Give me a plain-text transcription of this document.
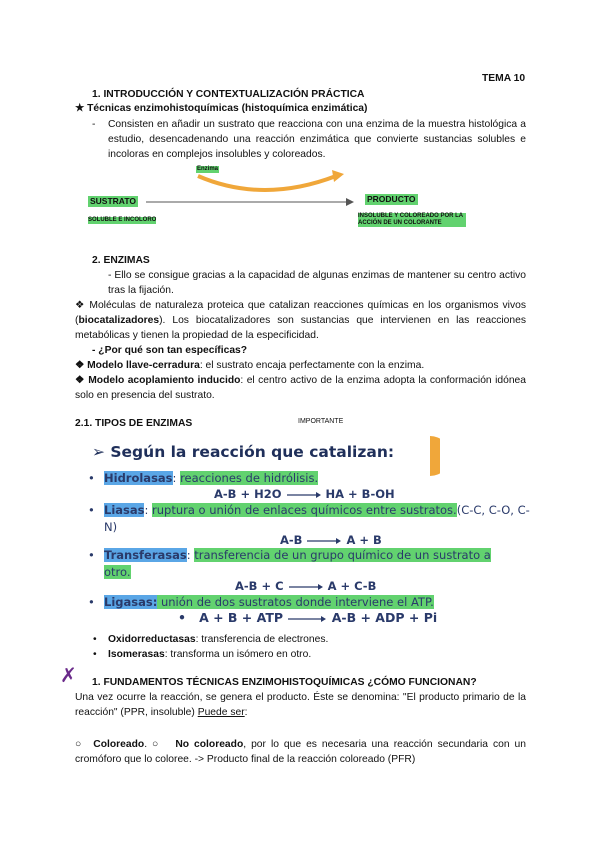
TEMA 10
1. INTRODUCCIÓN Y CONTEXTUALIZACIÓN PRÁCTICA
★ Técnicas enzimohistoquímicas (histoquímica enzimática)
- Consisten en añadir un sustrato que reacciona con una enzima de la muestra histológica a estudio, desencadenando una reacción enzimática que convierte sustancias solubles e incoloras en complejos insolubles y coloreados.
Enzima
SUSTRATO
SOLUBLE E INCOLORO
PRODUCTO
INSOLUBLE Y COLOREADO POR LA ACCIÓN DE UN COLORANTE
2. ENZIMAS
- Ello se consigue gracias a la capacidad de algunas enzimas de mantener su centro activo tras la fijación.
❖ Moléculas de naturaleza proteica que catalizan reacciones químicas en los organismos vivos (biocatalizadores). Los biocatalizadores son sustancias que intervienen en las reacciones metabólicas y tienen la propiedad de la especificidad.
- ¿Por qué son tan específicas?
❖ Modelo llave-cerradura: el sustrato encaja perfectamente con la enzima.
❖ Modelo acoplamiento inducido: el centro activo de la enzima adopta la conformación idónea solo en presencia del sustrato.
2.1. TIPOS DE ENZIMAS	IMPORTANTE
➢ Según la reacción que catalizan:
• Hidrolasas: reacciones de hidrólisis.
A-B + H2O	HA + B-OH
• Liasas: ruptura o unión de enlaces químicos entre sustratos.(C-C, C-O, C-N)
A-B	A + B
• Transferasas: transferencia de un grupo químico de un sustrato a otro.
A-B + C	A + C-B
• Ligasas: unión de dos sustratos donde interviene el ATP.
• A + B + ATP	A-B + ADP + Pi
• Oxidorreductasas: transferencia de electrones.
• Isomerasas: transforma un isómero en otro.
✗ 1. FUNDAMENTOS TÉCNICAS ENZIMOHISTOQUÍMICAS ¿CÓMO FUNCIONAN?
Una vez ocurre la reacción, se genera el producto. Éste se denomina: "El producto primario de la reacción" (PPR, insoluble) Puede ser:
○ Coloreado. ○ No coloreado, por lo que es necesaria una reacción secundaria con un cromóforo que lo coloree. -> Producto final de la reacción coloreado (PFR)
